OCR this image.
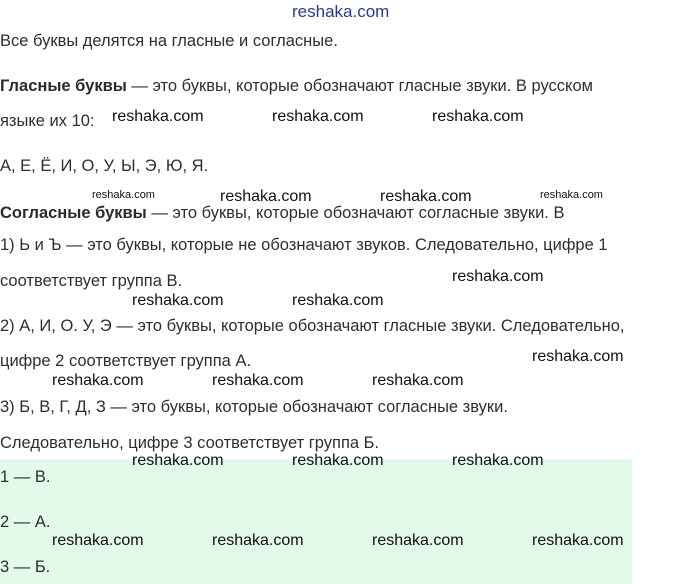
reshaka.com
Все буквы делятся на гласные и согласные.
Гласные буквы — это буквы, которые обозначают гласные звуки. В русском
языке их 10:
А, Е, Ё, И, О, У, Ы, Э, Ю, Я.
Согласные буквы — это буквы, которые обозначают согласные звуки. В
1) Ь и Ъ — это буквы, которые не обозначают звуков. Следовательно, цифре 1
соответствует группа В.
2) А, И, О. У, Э — это буквы, которые обозначают гласные звуки. Следовательно,
цифре 2 соответствует группа А.
3) Б, В, Г, Д, З — это буквы, которые обозначают согласные звуки.
Следовательно, цифре 3 соответствует группа Б.
1 — В.
2 — А.
3 — Б.
reshaka.com	reshaka.com	reshaka.com
reshaka.com	reshaka.com
reshaka.com
reshaka.com	reshaka.com
reshaka.com
reshaka.com	reshaka.com	reshaka.com
reshaka.com	reshaka.com	reshaka.com
reshaka.com	reshaka.com	reshaka.com	reshaka.com
reshaka.com	reshaka.com
